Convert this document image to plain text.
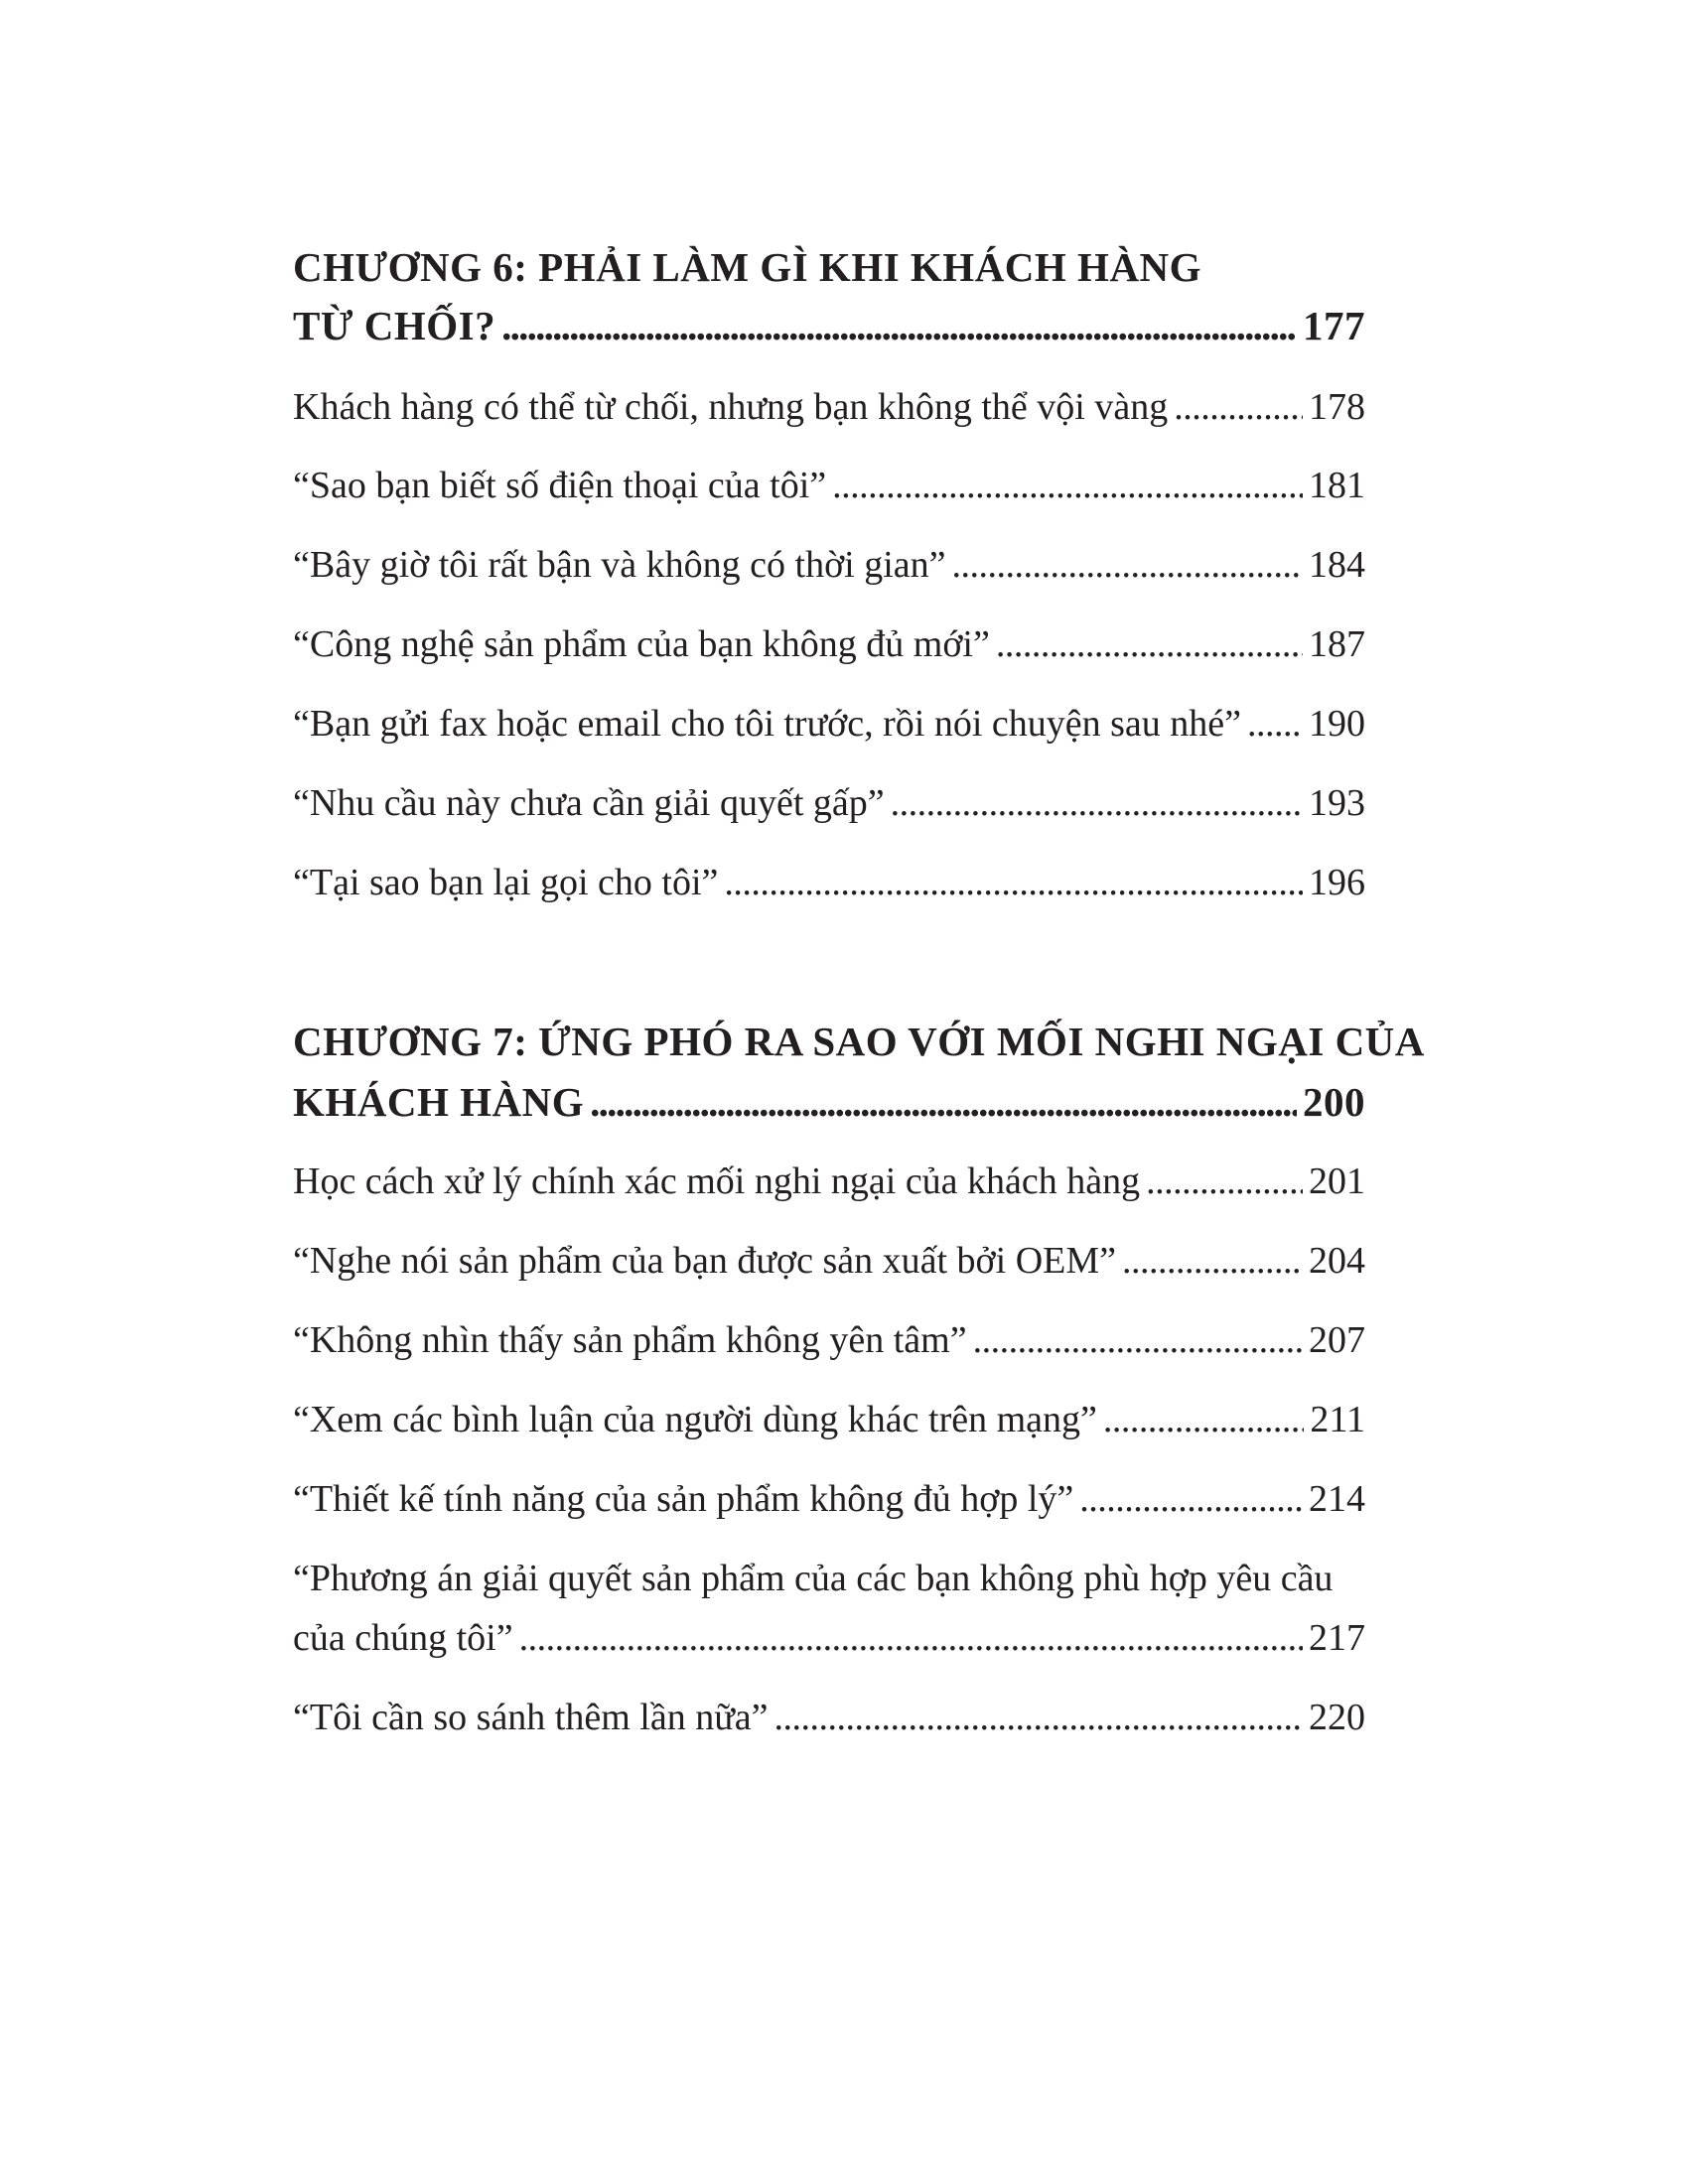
CHƯƠNG 6: PHẢI LÀM GÌ KHI KHÁCH HÀNG
TỪ CHỐI? . . .	177
Khách hàng có thể từ chối, nhưng bạn không thể vội vàng . . .	178
“Sao bạn biết số điện thoại của tôi” . . .	181
“Bây giờ tôi rất bận và không có thời gian” . . .	184
“Công nghệ sản phẩm của bạn không đủ mới” . . .	187
“Bạn gửi fax hoặc email cho tôi trước, rồi nói chuyện sau nhé” . . . 190
“Nhu cầu này chưa cần giải quyết gấp” . . .	193
“Tại sao bạn lại gọi cho tôi” . . .	196
CHƯƠNG 7: ỨNG PHÓ RA SAO VỚI MỐI NGHI NGẠI CỦA
KHÁCH HÀNG . . .	200
Học cách xử lý chính xác mối nghi ngại của khách hàng . . .	201
“Nghe nói sản phẩm của bạn được sản xuất bởi OEM” . . .	204
“Không nhìn thấy sản phẩm không yên tâm” . . .	207
“Xem các bình luận của người dùng khác trên mạng” . . .	211
“Thiết kế tính năng của sản phẩm không đủ hợp lý” . . .	214
“Phương án giải quyết sản phẩm của các bạn không phù hợp yêu cầu
của chúng tôi” . . .	217
“Tôi cần so sánh thêm lần nữa” . . .	220
